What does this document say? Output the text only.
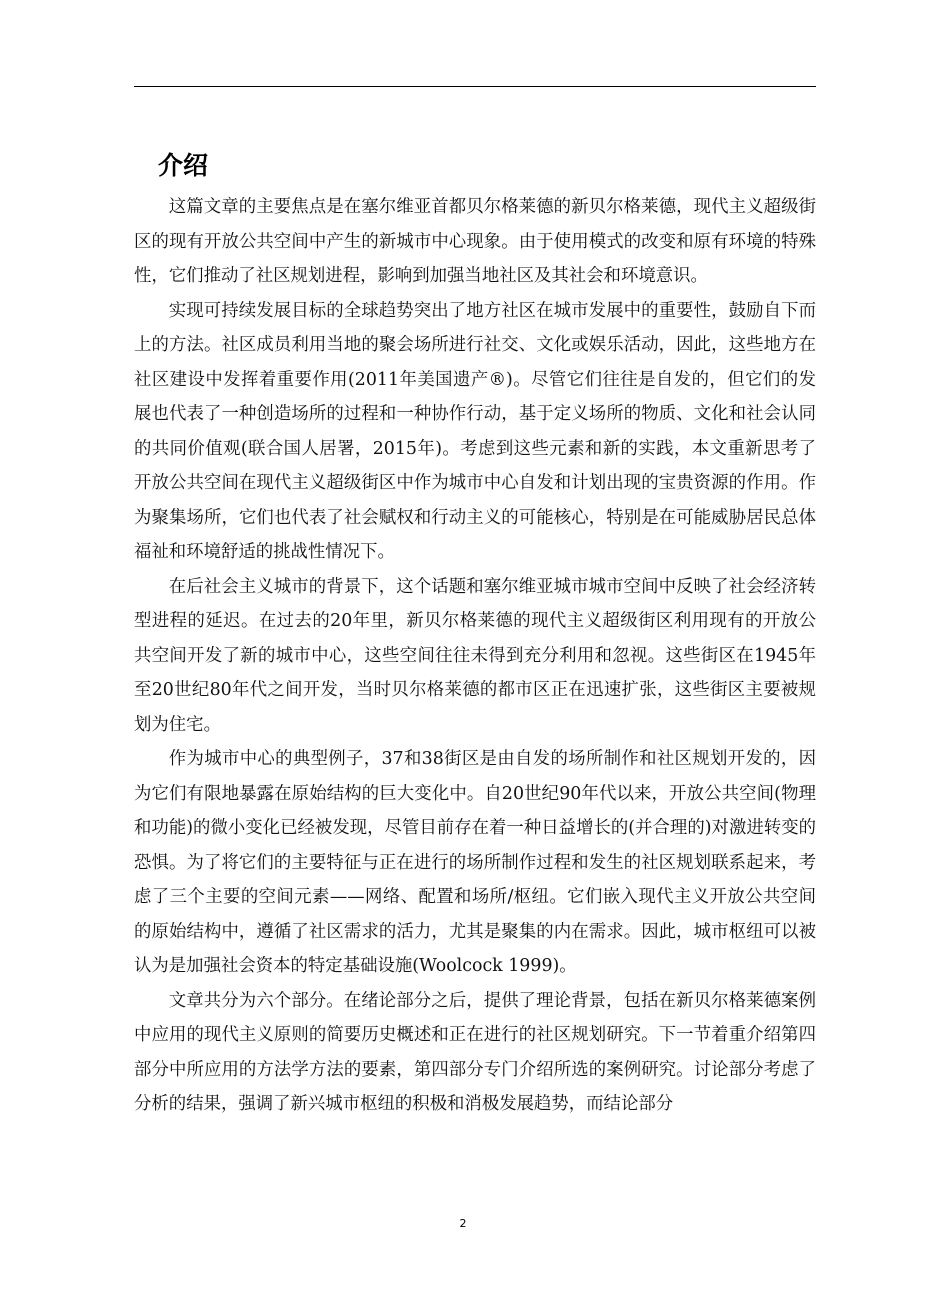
介绍

这篇文章的主要焦点是在塞尔维亚首都贝尔格莱德的新贝尔格莱德，现代主义超级街区的现有开放公共空间中产生的新城市中心现象。由于使用模式的改变和原有环境的特殊性，它们推动了社区规划进程，影响到加强当地社区及其社会和环境意识。

实现可持续发展目标的全球趋势突出了地方社区在城市发展中的重要性，鼓励自下而上的方法。社区成员利用当地的聚会场所进行社交、文化或娱乐活动，因此，这些地方在社区建设中发挥着重要作用(2011年美国遗产®)。尽管它们往往是自发的，但它们的发展也代表了一种创造场所的过程和一种协作行动，基于定义场所的物质、文化和社会认同的共同价值观(联合国人居署，2015年)。考虑到这些元素和新的实践，本文重新思考了开放公共空间在现代主义超级街区中作为城市中心自发和计划出现的宝贵资源的作用。作为聚集场所，它们也代表了社会赋权和行动主义的可能核心，特别是在可能威胁居民总体福祉和环境舒适的挑战性情况下。

在后社会主义城市的背景下，这个话题和塞尔维亚城市城市空间中反映了社会经济转型进程的延迟。在过去的20年里，新贝尔格莱德的现代主义超级街区利用现有的开放公共空间开发了新的城市中心，这些空间往往未得到充分利用和忽视。这些街区在1945年至20世纪80年代之间开发，当时贝尔格莱德的都市区正在迅速扩张，这些街区主要被规划为住宅。

作为城市中心的典型例子，37和38街区是由自发的场所制作和社区规划开发的，因为它们有限地暴露在原始结构的巨大变化中。自20世纪90年代以来，开放公共空间(物理和功能)的微小变化已经被发现，尽管目前存在着一种日益增长的(并合理的)对激进转变的恐惧。为了将它们的主要特征与正在进行的场所制作过程和发生的社区规划联系起来，考虑了三个主要的空间元素——网络、配置和场所/枢纽。它们嵌入现代主义开放公共空间的原始结构中，遵循了社区需求的活力，尤其是聚集的内在需求。因此，城市枢纽可以被认为是加强社会资本的特定基础设施(Woolcock 1999)。

文章共分为六个部分。在绪论部分之后，提供了理论背景，包括在新贝尔格莱德案例中应用的现代主义原则的简要历史概述和正在进行的社区规划研究。下一节着重介绍第四部分中所应用的方法学方法的要素，第四部分专门介绍所选的案例研究。讨论部分考虑了分析的结果，强调了新兴城市枢纽的积极和消极发展趋势，而结论部分

2
